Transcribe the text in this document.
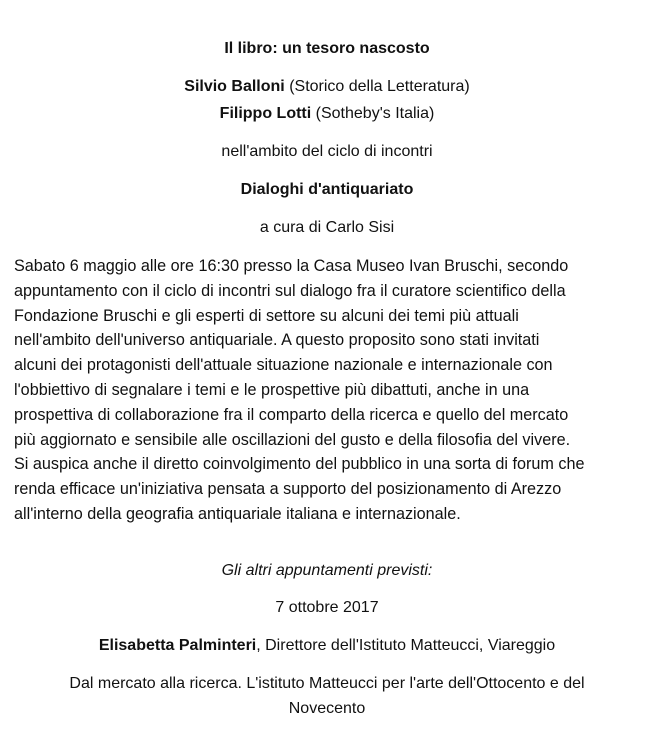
Il libro: un tesoro nascosto
Silvio Balloni (Storico della Letteratura)
Filippo Lotti (Sotheby's Italia)
nell'ambito del ciclo di incontri
Dialoghi d'antiquariato
a cura di Carlo Sisi
Sabato 6 maggio alle ore 16:30 presso la Casa Museo Ivan Bruschi, secondo
appuntamento con il ciclo di incontri sul dialogo fra il curatore scientifico della
Fondazione Bruschi e gli esperti di settore su alcuni dei temi più attuali
nell'ambito dell'universo antiquariale. A questo proposito sono stati invitati
alcuni dei protagonisti dell'attuale situazione nazionale e internazionale con
l'obbiettivo di segnalare i temi e le prospettive più dibattuti, anche in una
prospettiva di collaborazione fra il comparto della ricerca e quello del mercato
più aggiornato e sensibile alle oscillazioni del gusto e della filosofia del vivere.
Si auspica anche il diretto coinvolgimento del pubblico in una sorta di forum che
renda efficace un'iniziativa pensata a supporto del posizionamento di Arezzo
all'interno della geografia antiquariale italiana e internazionale.
Gli altri appuntamenti previsti:
7 ottobre 2017
Elisabetta Palminteri, Direttore dell'Istituto Matteucci, Viareggio
Dal mercato alla ricerca. L'istituto Matteucci per l'arte dell'Ottocento e del
Novecento
